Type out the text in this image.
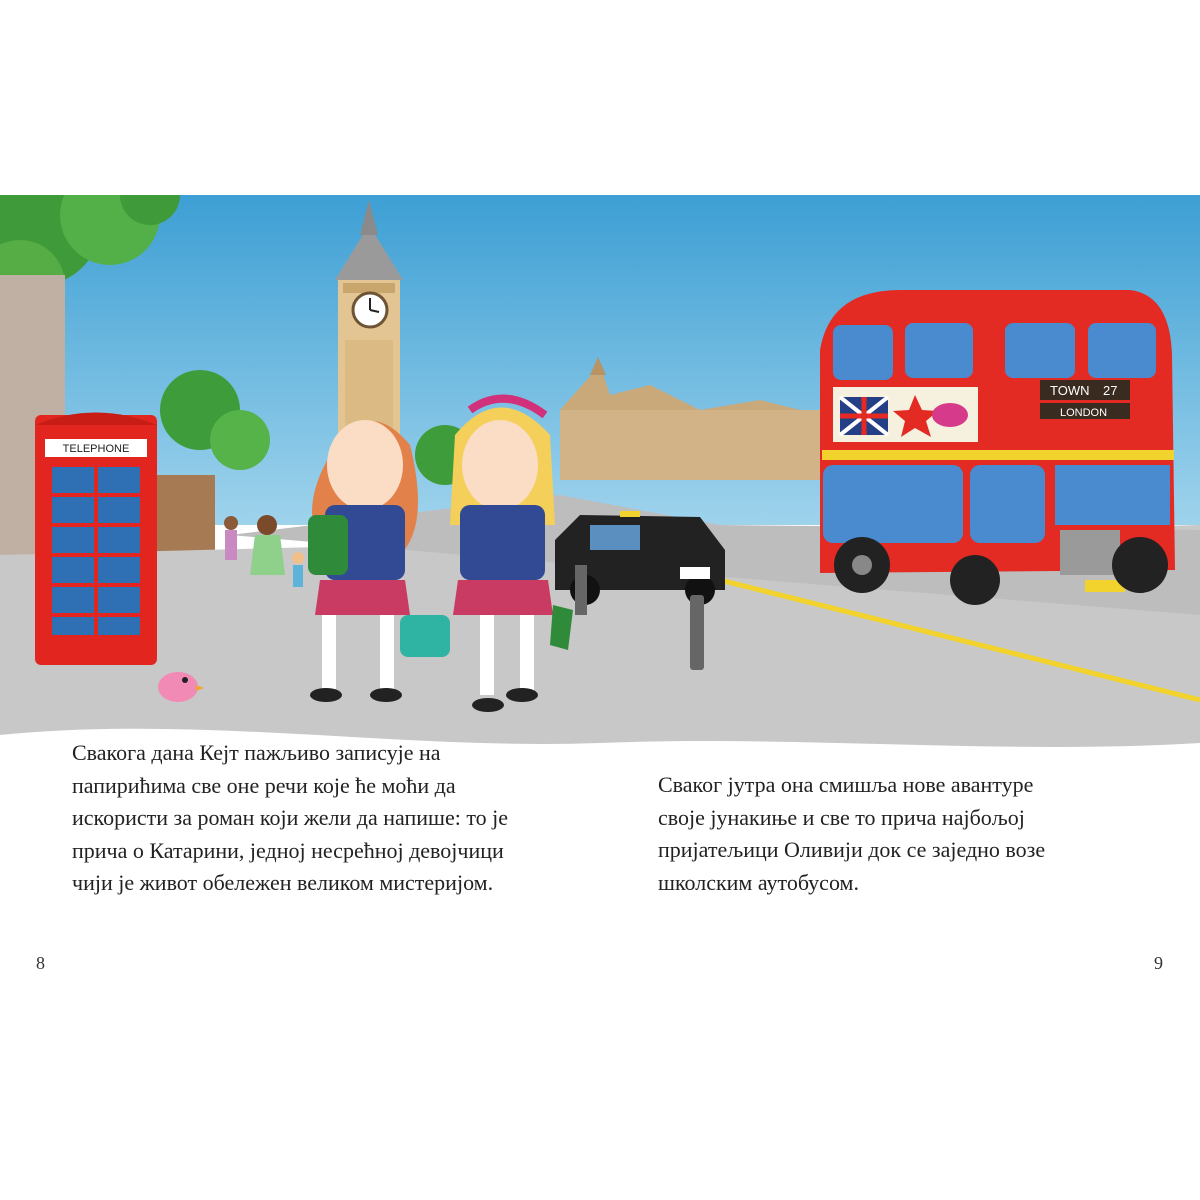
TELEPHONE
TOWN 27
LONDON
Свакога дана Кејт пажљиво записује на
папирићима све оне речи које ће моћи да
искористи за роман који жели да напише: то је
прича о Катарини, једној несрећној девојчици
чији је живот обележен великом мистеријом.
Сваког јутра она смишља нове авантуре
своје јунакиње и све то прича најбољој
пријатељици Оливији док се заједно возе
школским аутобусом.
8	9
